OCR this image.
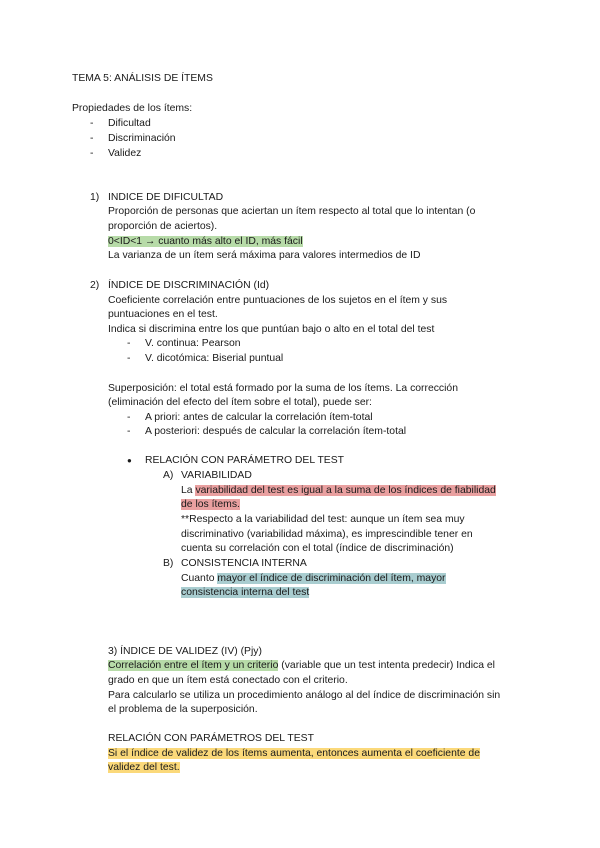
TEMA 5: ANÁLISIS DE ÍTEMS
Propiedades de los ítems:
- Dificultad
- Discriminación
- Validez
1) INDICE DE DIFICULTAD
Proporción de personas que aciertan un ítem respecto al total que lo intentan (o
proporción de aciertos).
0<ID<1 → cuanto más alto el ID, más fácil
La varianza de un ítem será máxima para valores intermedios de ID
2) ÍNDICE DE DISCRIMINACIÓN (Id)
Coeficiente correlación entre puntuaciones de los sujetos en el ítem y sus
puntuaciones en el test.
Indica si discrimina entre los que puntúan bajo o alto en el total del test
- V. continua: Pearson
- V. dicotómica: Biserial puntual
Superposición: el total está formado por la suma de los ítems. La corrección
(eliminación del efecto del ítem sobre el total), puede ser:
- A priori: antes de calcular la correlación ítem-total
- A posteriori: después de calcular la correlación ítem-total
● RELACIÓN CON PARÁMETRO DEL TEST
A) VARIABILIDAD
La variabilidad del test es igual a la suma de los índices de fiabilidad
de los ítems.
**Respecto a la variabilidad del test: aunque un ítem sea muy
discriminativo (variabilidad máxima), es imprescindible tener en
cuenta su correlación con el total (índice de discriminación)
B) CONSISTENCIA INTERNA
Cuanto mayor el índice de discriminación del ítem, mayor
consistencia interna del test
3) ÍNDICE DE VALIDEZ (IV) (Pjy)
Correlación entre el ítem y un criterio (variable que un test intenta predecir) Indica el
grado en que un ítem está conectado con el criterio.
Para calcularlo se utiliza un procedimiento análogo al del índice de discriminación sin
el problema de la superposición.
RELACIÓN CON PARÁMETROS DEL TEST
Si el índice de validez de los ítems aumenta, entonces aumenta el coeficiente de
validez del test.
